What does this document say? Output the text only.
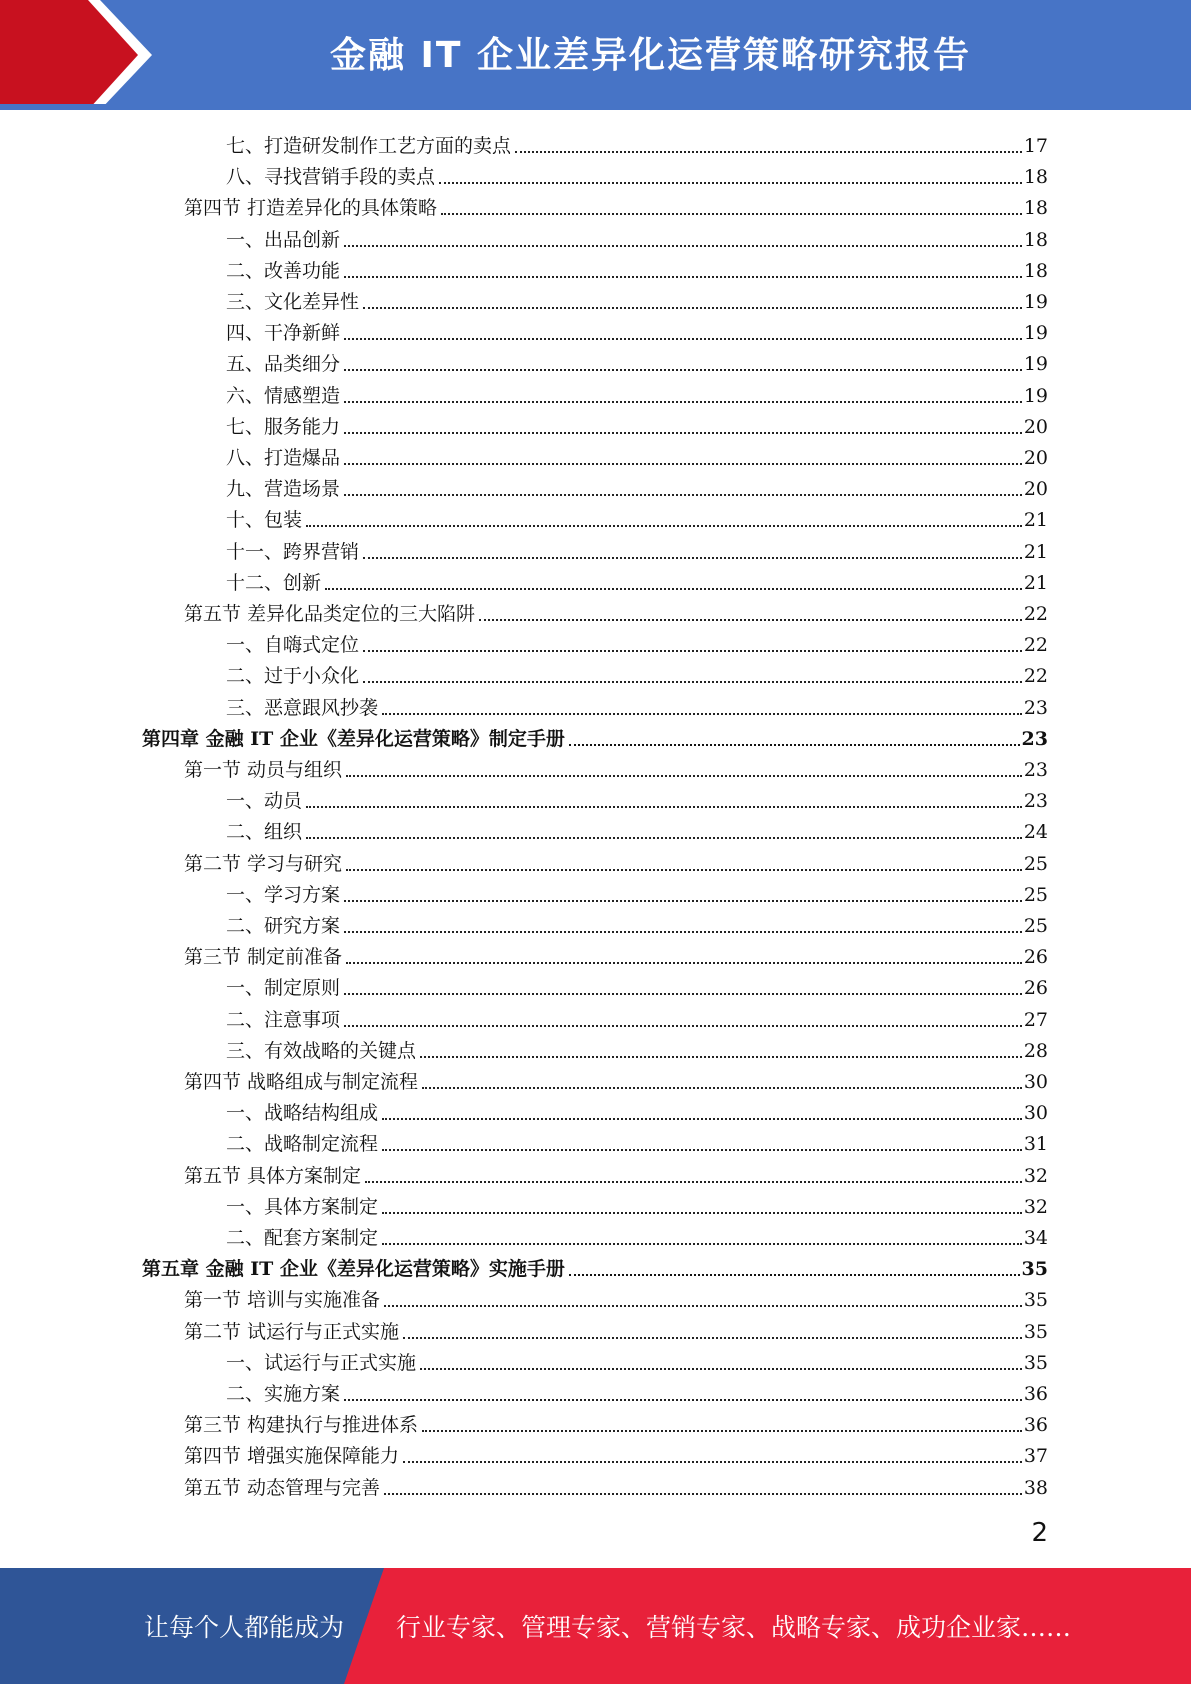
金融 IT 企业差异化运营策略研究报告
七、打造研发制作工艺方面的卖点	17
八、寻找营销手段的卖点	18
第四节 打造差异化的具体策略	18
一、出品创新	18
二、改善功能	18
三、文化差异性	19
四、干净新鲜	19
五、品类细分	19
六、情感塑造	19
七、服务能力	20
八、打造爆品	20
九、营造场景	20
十、包装	21
十一、跨界营销	21
十二、创新	21
第五节 差异化品类定位的三大陷阱	22
一、自嗨式定位	22
二、过于小众化	22
三、恶意跟风抄袭	23
第四章 金融 IT 企业《差异化运营策略》制定手册	23
第一节 动员与组织	23
一、动员	23
二、组织	24
第二节 学习与研究	25
一、学习方案	25
二、研究方案	25
第三节 制定前准备	26
一、制定原则	26
二、注意事项	27
三、有效战略的关键点	28
第四节 战略组成与制定流程	30
一、战略结构组成	30
二、战略制定流程	31
第五节 具体方案制定	32
一、具体方案制定	32
二、配套方案制定	34
第五章 金融 IT 企业《差异化运营策略》实施手册	35
第一节 培训与实施准备	35
第二节 试运行与正式实施	35
一、试运行与正式实施	35
二、实施方案	36
第三节 构建执行与推进体系	36
第四节 增强实施保障能力	37
第五节 动态管理与完善	38
2
让每个人都能成为 行业专家、管理专家、营销专家、战略专家、成功企业家……
